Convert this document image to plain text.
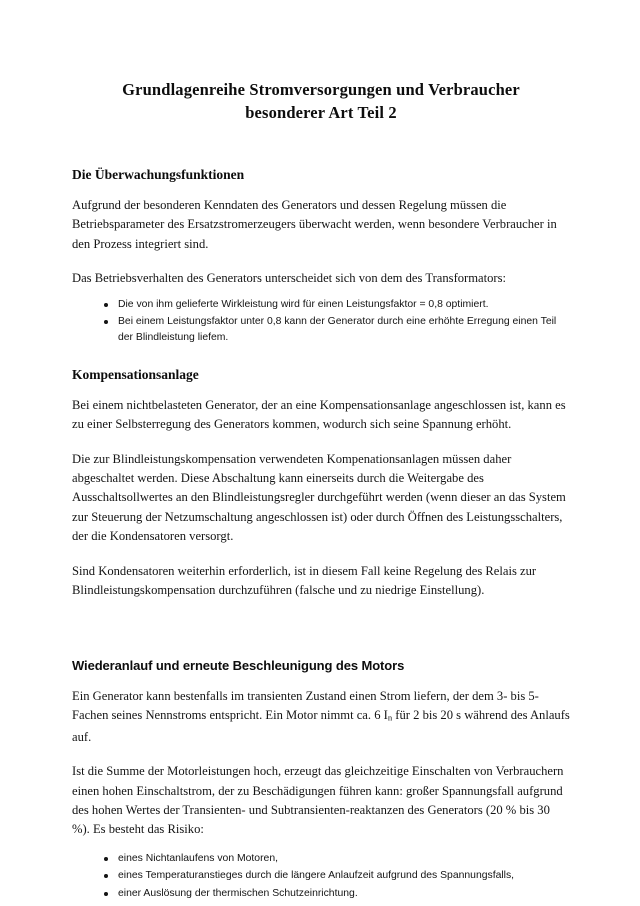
Grundlagenreihe Stromversorgungen und Verbraucher
besonderer Art Teil 2
Die Überwachungsfunktionen

Aufgrund der besonderen Kenndaten des Generators und dessen Regelung müssen die Betriebsparameter des Ersatzstromerzeugers überwacht werden, wenn besondere Verbraucher in den Prozess integriert sind.

Das Betriebsverhalten des Generators unterscheidet sich von dem des Transformators:

Die von ihm gelieferte Wirkleistung wird für einen Leistungsfaktor = 0,8 optimiert.
Bei einem Leistungsfaktor unter 0,8 kann der Generator durch eine erhöhte Erregung einen Teil der Blindleistung liefem.
Kompensationsanlage

Bei einem nichtbelasteten Generator, der an eine Kompensationsanlage angeschlossen ist, kann es zu einer Selbsterregung des Generators kommen, wodurch sich seine Spannung erhöht.

Die zur Blindleistungskompensation verwendeten Kompenationsanlagen müssen daher abgeschaltet werden. Diese Abschaltung kann einerseits durch die Weitergabe des Ausschaltsollwertes an den Blindleistungsregler durchgeführt werden (wenn dieser an das System zur Steuerung der Netzumschaltung angeschlossen ist) oder durch Öffnen des Leistungsschalters, der die Kondensatoren versorgt.

Sind Kondensatoren weiterhin erforderlich, ist in diesem Fall keine Regelung des Relais zur Blindleistungskompensation durchzuführen (falsche und zu niedrige Einstellung).

Wiederanlauf und erneute Beschleunigung des Motors

Ein Generator kann bestenfalls im transienten Zustand einen Strom liefern, der dem 3- bis 5-Fachen seines Nennstroms entspricht. Ein Motor nimmt ca. 6 $I_n$ für 2 bis 20 s während des Anlaufs auf.

Ist die Summe der Motorleistungen hoch, erzeugt das gleichzeitige Einschalten von Verbrauchern einen hohen Einschaltstrom, der zu Beschädigungen führen kann: großer Spannungsfall aufgrund des hohen Wertes der Transienten- und Subtransienten-reaktanzen des Generators (20 % bis 30 %). Es besteht das Risiko:

eines Nichtanlaufens von Motoren,
eines Temperaturanstieges durch die längere Anlaufzeit aufgrund des Spannungsfalls,
einer Auslösung der thermischen Schutzeinrichtung.
